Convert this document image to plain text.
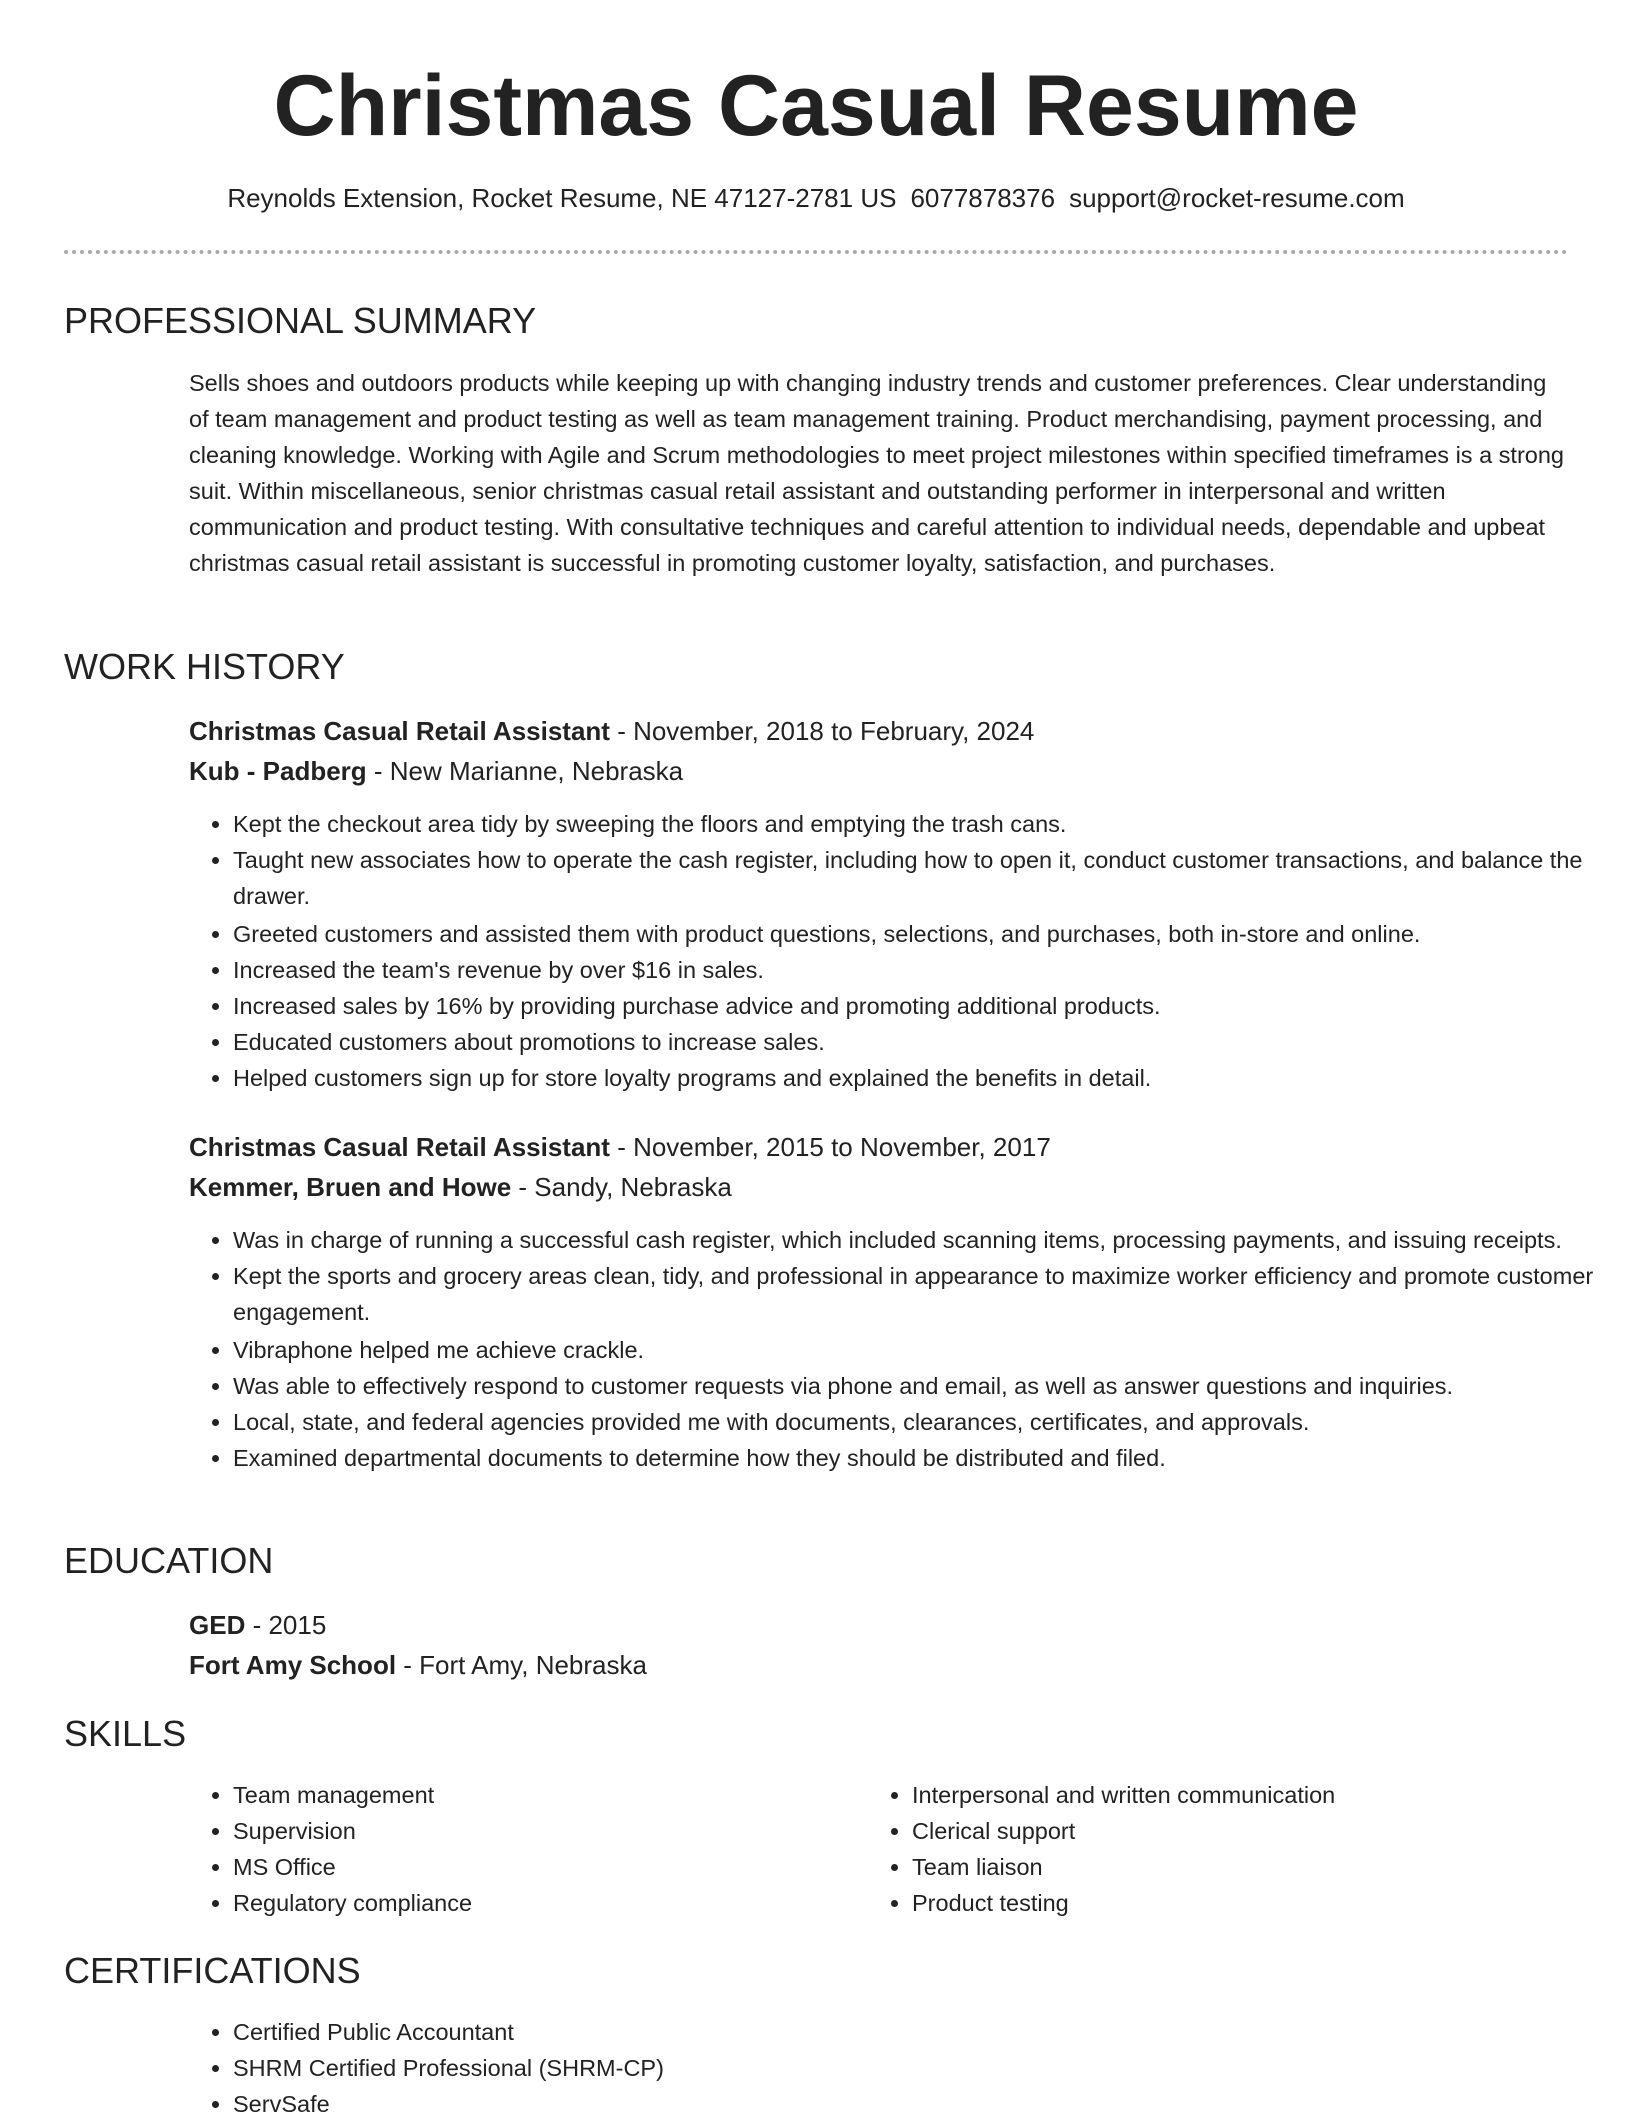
Christmas Casual Resume
Reynolds Extension, Rocket Resume, NE 47127-2781 US 6077878376 support@rocket-resume.com
PROFESSIONAL SUMMARY
Sells shoes and outdoors products while keeping up with changing industry trends and customer preferences. Clear understanding of team management and product testing as well as team management training. Product merchandising, payment processing, and cleaning knowledge. Working with Agile and Scrum methodologies to meet project milestones within specified timeframes is a strong suit. Within miscellaneous, senior christmas casual retail assistant and outstanding performer in interpersonal and written communication and product testing. With consultative techniques and careful attention to individual needs, dependable and upbeat christmas casual retail assistant is successful in promoting customer loyalty, satisfaction, and purchases.
WORK HISTORY
Christmas Casual Retail Assistant - November, 2018 to February, 2024
Kub - Padberg - New Marianne, Nebraska
• Kept the checkout area tidy by sweeping the floors and emptying the trash cans.
• Taught new associates how to operate the cash register, including how to open it, conduct customer transactions, and balance the drawer.
• Greeted customers and assisted them with product questions, selections, and purchases, both in-store and online.
• Increased the team's revenue by over $16 in sales.
• Increased sales by 16% by providing purchase advice and promoting additional products.
• Educated customers about promotions to increase sales.
• Helped customers sign up for store loyalty programs and explained the benefits in detail.
Christmas Casual Retail Assistant - November, 2015 to November, 2017
Kemmer, Bruen and Howe - Sandy, Nebraska
• Was in charge of running a successful cash register, which included scanning items, processing payments, and issuing receipts.
• Kept the sports and grocery areas clean, tidy, and professional in appearance to maximize worker efficiency and promote customer engagement.
• Vibraphone helped me achieve crackle.
• Was able to effectively respond to customer requests via phone and email, as well as answer questions and inquiries.
• Local, state, and federal agencies provided me with documents, clearances, certificates, and approvals.
• Examined departmental documents to determine how they should be distributed and filed.
EDUCATION
GED - 2015
Fort Amy School - Fort Amy, Nebraska
SKILLS
• Team management
• Supervision
• MS Office
• Regulatory compliance
• Interpersonal and written communication
• Clerical support
• Team liaison
• Product testing
CERTIFICATIONS
• Certified Public Accountant
• SHRM Certified Professional (SHRM-CP)
• ServSafe
